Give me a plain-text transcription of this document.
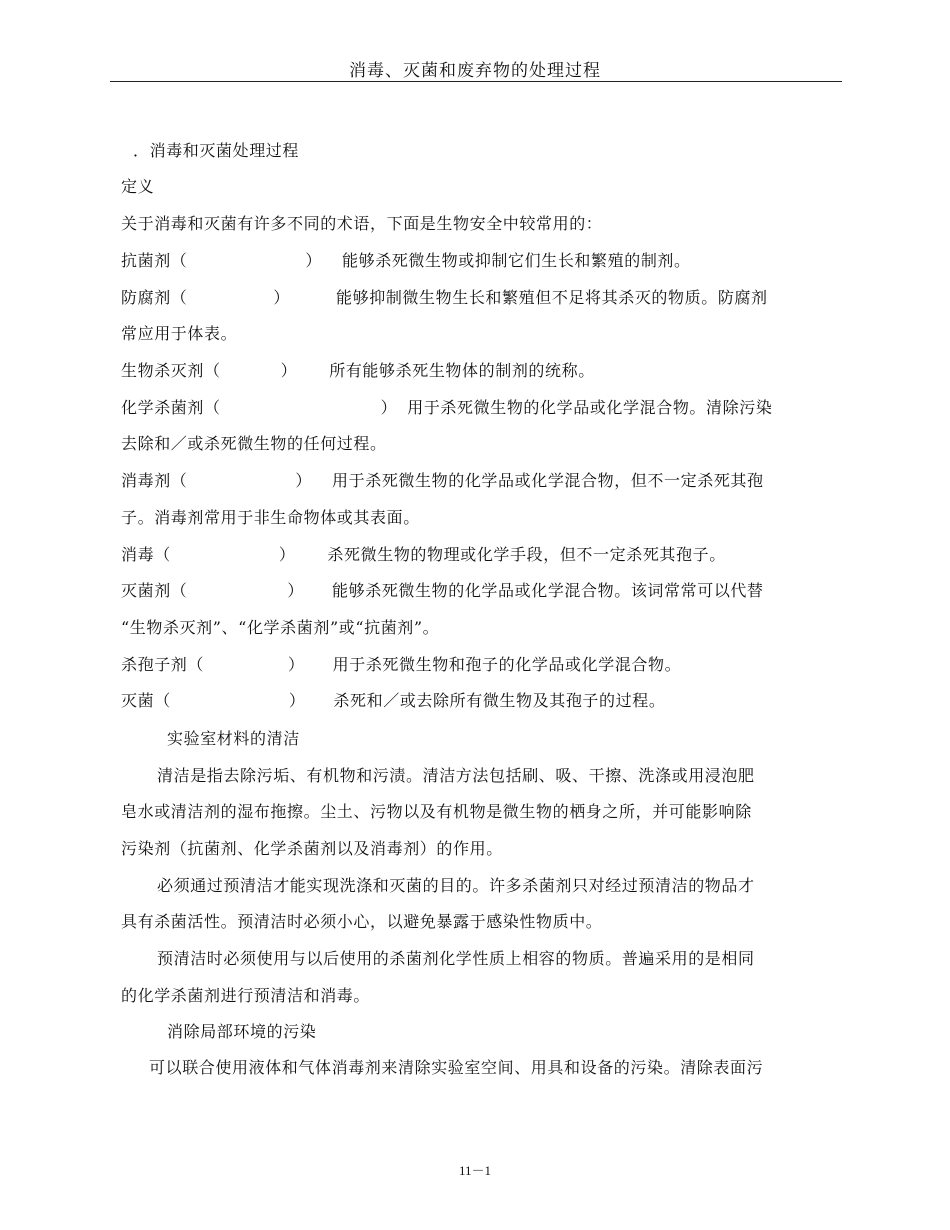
消毒、灭菌和废弃物的处理过程
．消毒和灭菌处理过程
定义
关于消毒和灭菌有许多不同的术语，下面是生物安全中较常用的：
抗菌剂（	） 能够杀死微生物或抑制它们生长和繁殖的制剂。
防腐剂（	）	能够抑制微生物生长和繁殖但不足将其杀灭的物质。防腐剂
常应用于体表。
生物杀灭剂（	） 所有能够杀死生物体的制剂的统称。
化学杀菌剂（	） 用于杀死微生物的化学品或化学混合物。清除污染
去除和／或杀死微生物的任何过程。
消毒剂（	） 用于杀死微生物的化学品或化学混合物，但不一定杀死其孢
子。消毒剂常用于非生命物体或其表面。
消毒（	） 杀死微生物的物理或化学手段，但不一定杀死其孢子。
灭菌剂（	） 能够杀死微生物的化学品或化学混合物。该词常常可以代替
“生物杀灭剂”、“化学杀菌剂”或“抗菌剂”。
杀孢子剂（	） 用于杀死微生物和孢子的化学品或化学混合物。
灭菌（	） 杀死和／或去除所有微生物及其孢子的过程。
实验室材料的清洁
清洁是指去除污垢、有机物和污渍。清洁方法包括刷、吸、干擦、洗涤或用浸泡肥
皂水或清洁剂的湿布拖擦。尘土、污物以及有机物是微生物的栖身之所，并可能影响除
污染剂（抗菌剂、化学杀菌剂以及消毒剂）的作用。
必须通过预清洁才能实现洗涤和灭菌的目的。许多杀菌剂只对经过预清洁的物品才
具有杀菌活性。预清洁时必须小心，以避免暴露于感染性物质中。
预清洁时必须使用与以后使用的杀菌剂化学性质上相容的物质。普遍采用的是相同
的化学杀菌剂进行预清洁和消毒。
消除局部环境的污染
可以联合使用液体和气体消毒剂来清除实验室空间、用具和设备的污染。清除表面污
11－1
